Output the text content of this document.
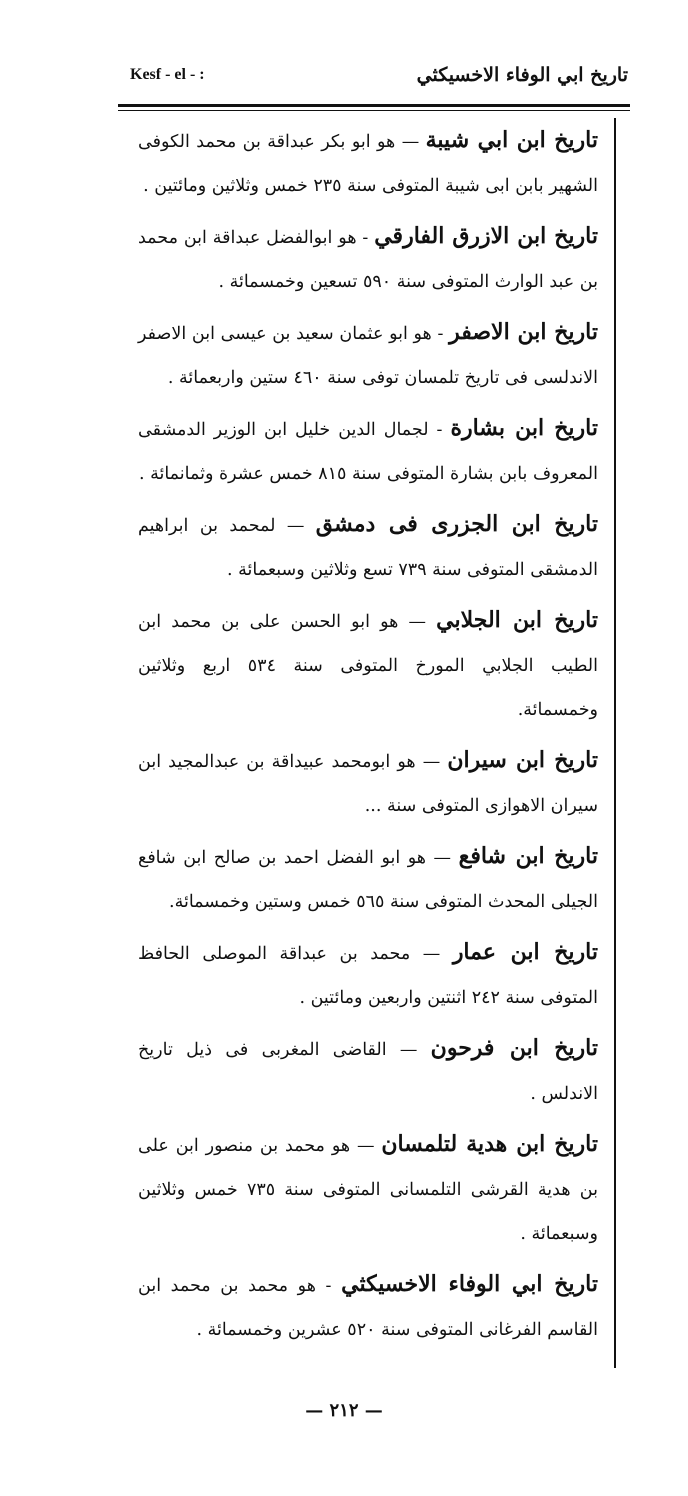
تاريخ ابي الوفاء الاخسيكثي
Kesf - el - :

تاريخ ابن ابي شيبة — هو ابو بكر عبداقة بن محمد الكوفى الشهير بابن ابى شيبة المتوفى سنة ٢٣٥ خمس وثلاثين ومائتين .

تاريخ ابن الازرق الفارقي - هو ابوالفضل عبداقة ابن محمد بن عبد الوارث المتوفى سنة ٥٩٠ تسعين وخمسمائة .

تاريخ ابن الاصفر - هو ابو عثمان سعيد بن عيسى ابن الاصفر الاندلسى فى تاريخ تلمسان توفى سنة ٤٦٠ ستين واربعمائة .

تاريخ ابن بشارة - لجمال الدين خليل ابن الوزير الدمشقى المعروف بابن بشارة المتوفى سنة ٨١٥ خمس عشرة وثمانمائة .

تاريخ ابن الجزرى فى دمشق — لمحمد بن ابراهيم الدمشقى المتوفى سنة ٧٣٩ تسع وثلاثين وسبعمائة .

تاريخ ابن الجلابي — هو ابو الحسن على بن محمد ابن الطيب الجلابي المورخ المتوفى سنة ٥٣٤ اربع وثلاثين وخمسمائة.

تاريخ ابن سيران — هو ابومحمد عبيداقة بن عبدالمجيد ابن سيران الاهوازى المتوفى سنة ...

تاريخ ابن شافع — هو ابو الفضل احمد بن صالح ابن شافع الجيلى المحدث المتوفى سنة ٥٦٥ خمس وستين وخمسمائة.

تاريخ ابن عمار — محمد بن عبداقة الموصلى الحافظ المتوفى سنة ٢٤٢ اثنتين واربعين ومائتين .

تاريخ ابن فرحون — القاضى المغربى فى ذيل تاريخ الاندلس .

تاريخ ابن هدية لتلمسان — هو محمد بن منصور ابن على بن هدية القرشى التلمسانى المتوفى سنة ٧٣٥ خمس وثلاثين وسبعمائة .

تاريخ ابي الوفاء الاخسيكثي - هو محمد بن محمد ابن القاسم الفرغانى المتوفى سنة ٥٢٠ عشرين وخمسمائة .

— ٢١٢ —
